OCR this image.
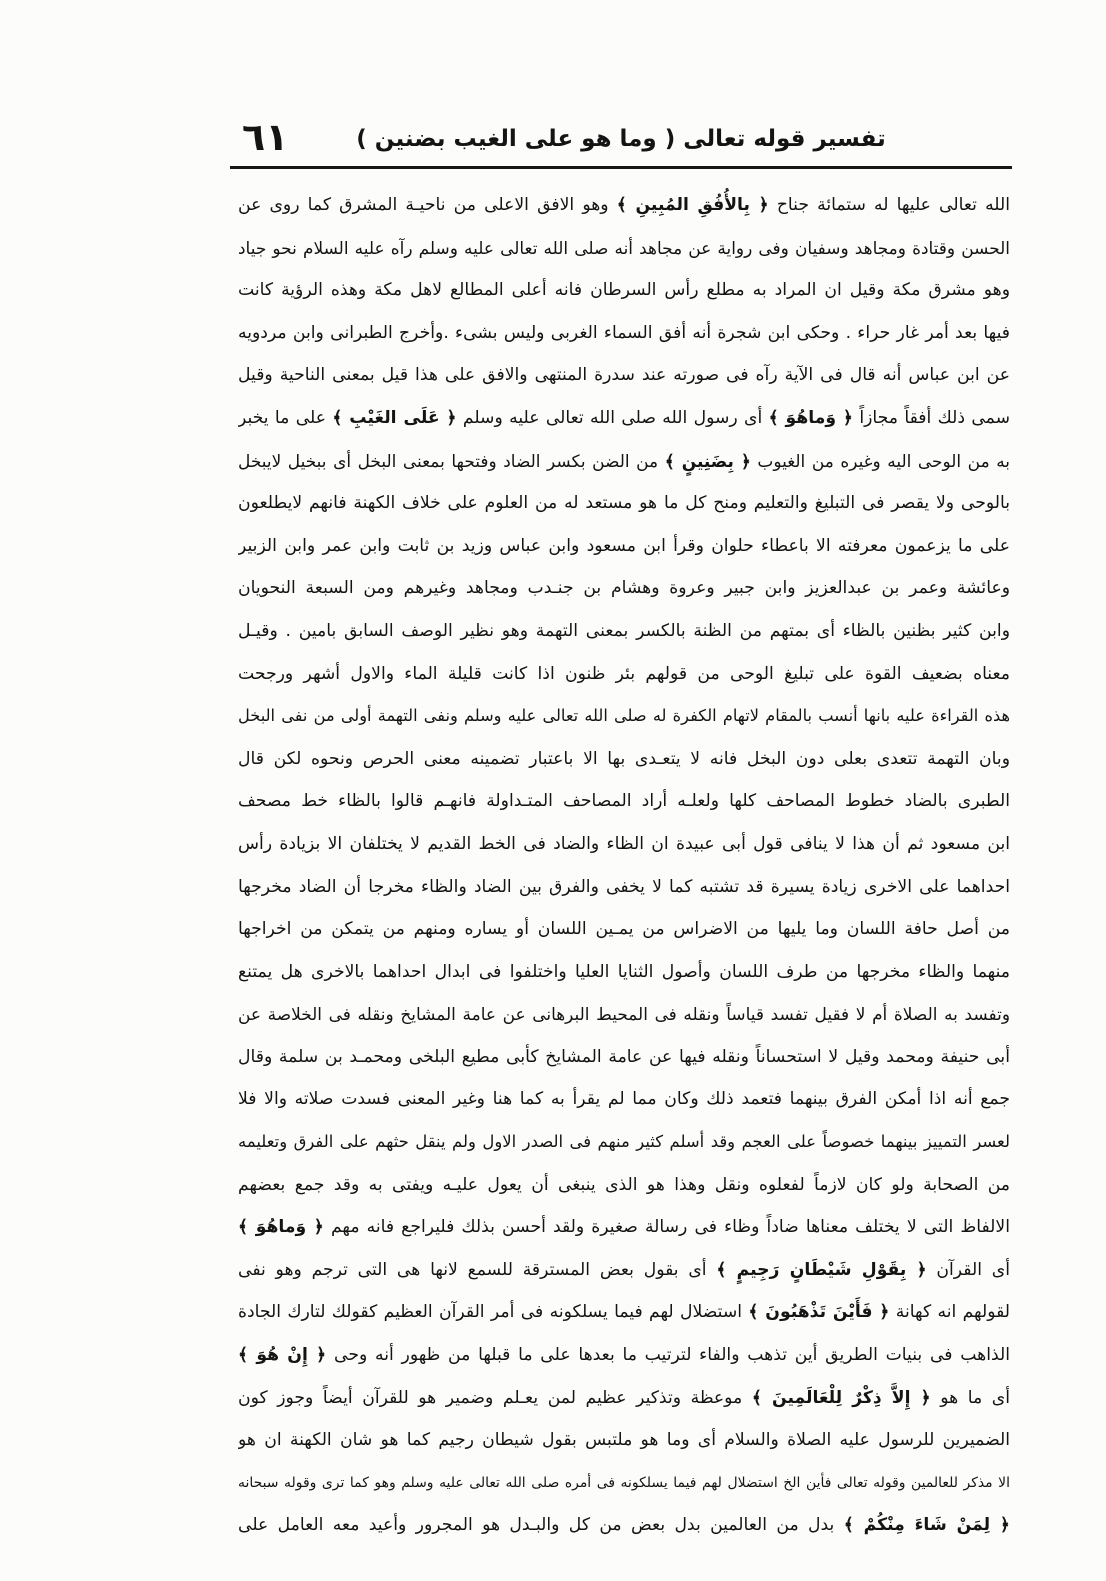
٦١	تفسير قوله تعالى ( وما هو على الغيب بضنين )
الله تعالى عليها له ستمائة جناح ﴿ بِالأُفُقِ المُبِينِ ﴾ وهو الافق الاعلى من ناحيـة المشرق كما روى عن
الحسن وقتادة ومجاهد وسفيان وفى رواية عن مجاهد أنه صلى الله تعالى عليه وسلم رآه عليه السلام نحو جياد
وهو مشرق مكة وقيل ان المراد به مطلع رأس السرطان فانه أعلى المطالع لاهل مكة وهذه الرؤية كانت
فيها بعد أمر غار حراء . وحكى ابن شجرة أنه أفق السماء الغربى وليس بشىء .وأخرج الطبرانى وابن مردويه
عن ابن عباس أنه قال فى الآية رآه فى صورته عند سدرة المنتهى والافق على هذا قيل بمعنى الناحية وقيل
سمى ذلك أفقاً مجازاً ﴿ وَماهُوَ ﴾ أى رسول الله صلى الله تعالى عليه وسلم ﴿ عَلَى الغَيْبِ ﴾ على ما يخبر
به من الوحى اليه وغيره من الغيوب ﴿ بِضَنِينٍ ﴾ من الضن بكسر الضاد وفتحها بمعنى البخل أى ببخيل لايبخل
بالوحى ولا يقصر فى التبليغ والتعليم ومنح كل ما هو مستعد له من العلوم على خلاف الكهنة فانهم لايطلعون
على ما يزعمون معرفته الا باعطاء حلوان وقرأ ابن مسعود وابن عباس وزيد بن ثابت وابن عمر وابن الزبير
وعائشة وعمر بن عبدالعزيز وابن جبير وعروة وهشام بن جنـدب ومجاهد وغيرهم ومن السبعة النحويان
وابن كثير بظنين بالظاء أى بمتهم من الظنة بالكسر بمعنى التهمة وهو نظير الوصف السابق بامين . وقيـل
معناه بضعيف القوة على تبليغ الوحى من قولهم بئر ظنون اذا كانت قليلة الماء والاول أشهر ورجحت
هذه القراءة عليه بانها أنسب بالمقام لاتهام الكفرة له صلى الله تعالى عليه وسلم ونفى التهمة أولى من نفى البخل
وبان التهمة تتعدى بعلى دون البخل فانه لا يتعـدى بها الا باعتبار تضمينه معنى الحرص ونحوه لكن قال
الطبرى بالضاد خطوط المصاحف كلها ولعلـه أراد المصاحف المتـداولة فانهـم قالوا بالظاء خط مصحف
ابن مسعود ثم أن هذا لا ينافى قول أبى عبيدة ان الظاء والضاد فى الخط القديم لا يختلفان الا بزيادة رأس
احداهما على الاخرى زيادة يسيرة قد تشتبه كما لا يخفى والفرق بين الضاد والظاء مخرجا أن الضاد مخرجها
من أصل حافة اللسان وما يليها من الاضراس من يمـين اللسان أو يساره ومنهم من يتمكن من اخراجها
منهما والظاء مخرجها من طرف اللسان وأصول الثنايا العليا واختلفوا فى ابدال احداهما بالاخرى هل يمتنع
وتفسد به الصلاة أم لا فقيل تفسد قياساً ونقله فى المحيط البرهانى عن عامة المشايخ ونقله فى الخلاصة عن
أبى حنيفة ومحمد وقيل لا استحساناً ونقله فيها عن عامة المشايخ كأبى مطيع البلخى ومحمـد بن سلمة وقال
جمع أنه اذا أمكن الفرق بينهما فتعمد ذلك وكان مما لم يقرأ به كما هنا وغير المعنى فسدت صلاته والا فلا
لعسر التمييز بينهما خصوصاً على العجم وقد أسلم كثير منهم فى الصدر الاول ولم ينقل حثهم على الفرق وتعليمه
من الصحابة ولو كان لازماً لفعلوه ونقل وهذا هو الذى ينبغى أن يعول عليـه ويفتى به وقد جمع بعضهم
الالفاظ التى لا يختلف معناها ضاداً وظاء فى رسالة صغيرة ولقد أحسن بذلك فليراجع فانه مهم ﴿ وَماهُوَ ﴾
أى القرآن ﴿ بِقَوْلِ شَيْطَانٍ رَجِيمٍ ﴾ أى بقول بعض المسترقة للسمع لانها هى التى ترجم وهو نفى
لقولهم انه كهانة ﴿ فَأَيْنَ تَذْهَبُونَ ﴾ استضلال لهم فيما يسلكونه فى أمر القرآن العظيم كقولك لتارك الجادة
الذاهب فى بنيات الطريق أين تذهب والفاء لترتيب ما بعدها على ما قبلها من ظهور أنه وحى ﴿ إِنْ هُوَ ﴾
أى ما هو ﴿ إِلاَّ ذِكْرٌ لِلْعَالَمِينَ ﴾ موعظة وتذكير عظيم لمن يعـلم وضمير هو للقرآن أيضاً وجوز كون
الضميرين للرسول عليه الصلاة والسلام أى وما هو ملتبس بقول شيطان رجيم كما هو شان الكهنة ان هو
الا مذكر للعالمين وقوله تعالى فأين الخ استضلال لهم فيما يسلكونه فى أمره صلى الله تعالى عليه وسلم وهو كما ترى وقوله سبحانه
﴿ لِمَنْ شَاءَ مِنْكُمْ ﴾ بدل من العالمين بدل بعض من كل والبـدل هو المجرور وأعيد معه العامل على
